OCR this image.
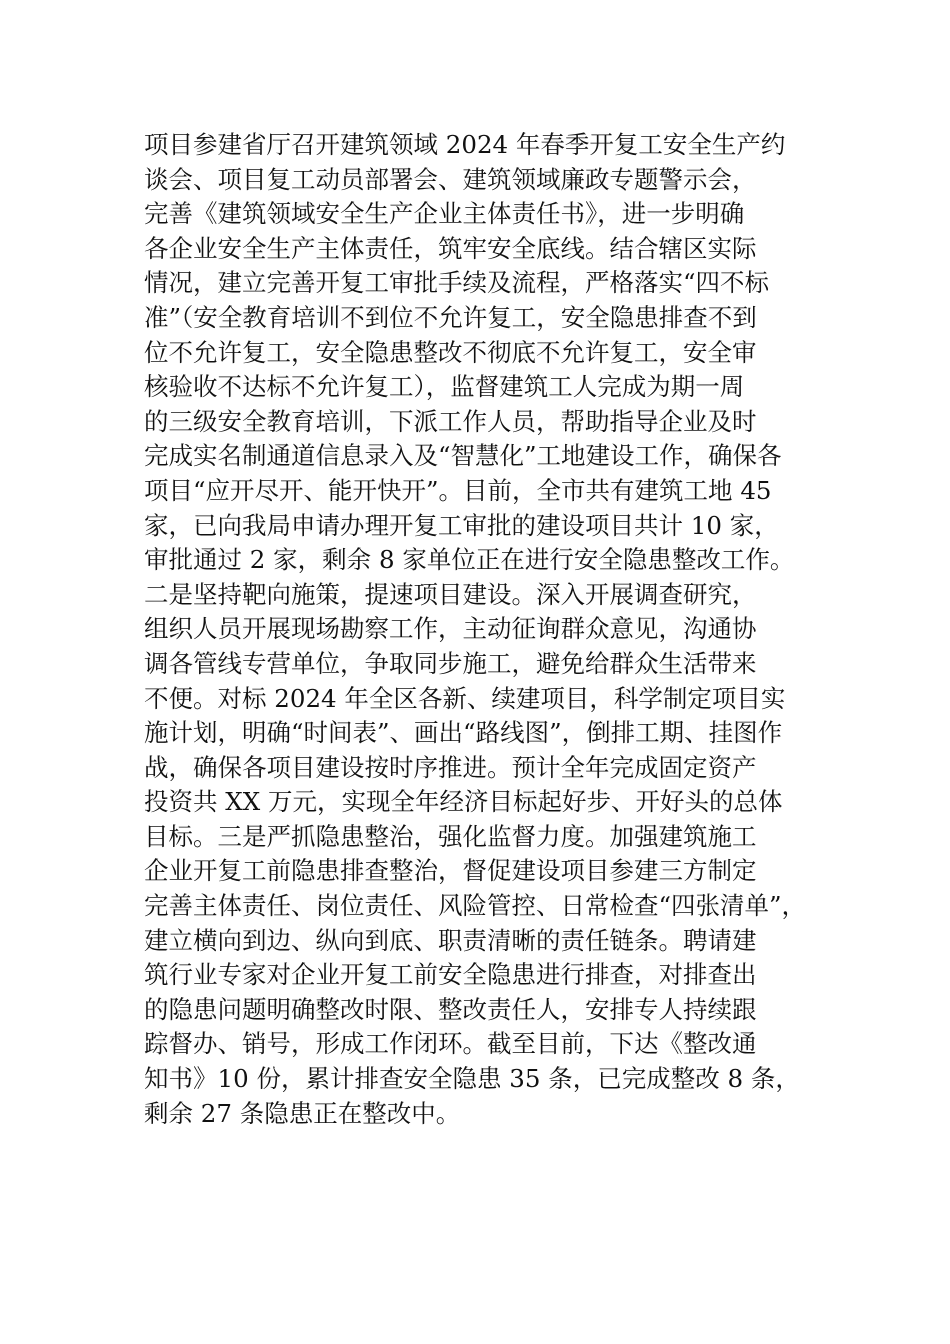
项目参建省厅召开建筑领域 2024 年春季开复工安全生产约
谈会、项目复工动员部署会、建筑领域廉政专题警示会，
完善《建筑领域安全生产企业主体责任书》，进一步明确
各企业安全生产主体责任，筑牢安全底线。结合辖区实际
情况，建立完善开复工审批手续及流程，严格落实“四不标
准”（安全教育培训不到位不允许复工，安全隐患排查不到
位不允许复工，安全隐患整改不彻底不允许复工，安全审
核验收不达标不允许复工），监督建筑工人完成为期一周
的三级安全教育培训，下派工作人员，帮助指导企业及时
完成实名制通道信息录入及“智慧化”工地建设工作，确保各
项目“应开尽开、能开快开”。目前，全市共有建筑工地 45
家，已向我局申请办理开复工审批的建设项目共计 10 家，
审批通过 2 家，剩余 8 家单位正在进行安全隐患整改工作。
二是坚持靶向施策，提速项目建设。深入开展调查研究，
组织人员开展现场勘察工作，主动征询群众意见，沟通协
调各管线专营单位，争取同步施工，避免给群众生活带来
不便。对标 2024 年全区各新、续建项目，科学制定项目实
施计划，明确“时间表”、画出“路线图”，倒排工期、挂图作
战，确保各项目建设按时序推进。预计全年完成固定资产
投资共 XX 万元，实现全年经济目标起好步、开好头的总体
目标。三是严抓隐患整治，强化监督力度。加强建筑施工
企业开复工前隐患排查整治，督促建设项目参建三方制定
完善主体责任、岗位责任、风险管控、日常检查“四张清单”，
建立横向到边、纵向到底、职责清晰的责任链条。聘请建
筑行业专家对企业开复工前安全隐患进行排查，对排查出
的隐患问题明确整改时限、整改责任人，安排专人持续跟
踪督办、销号，形成工作闭环。截至目前，下达《整改通
知书》10 份，累计排查安全隐患 35 条，已完成整改 8 条，
剩余 27 条隐患正在整改中。
